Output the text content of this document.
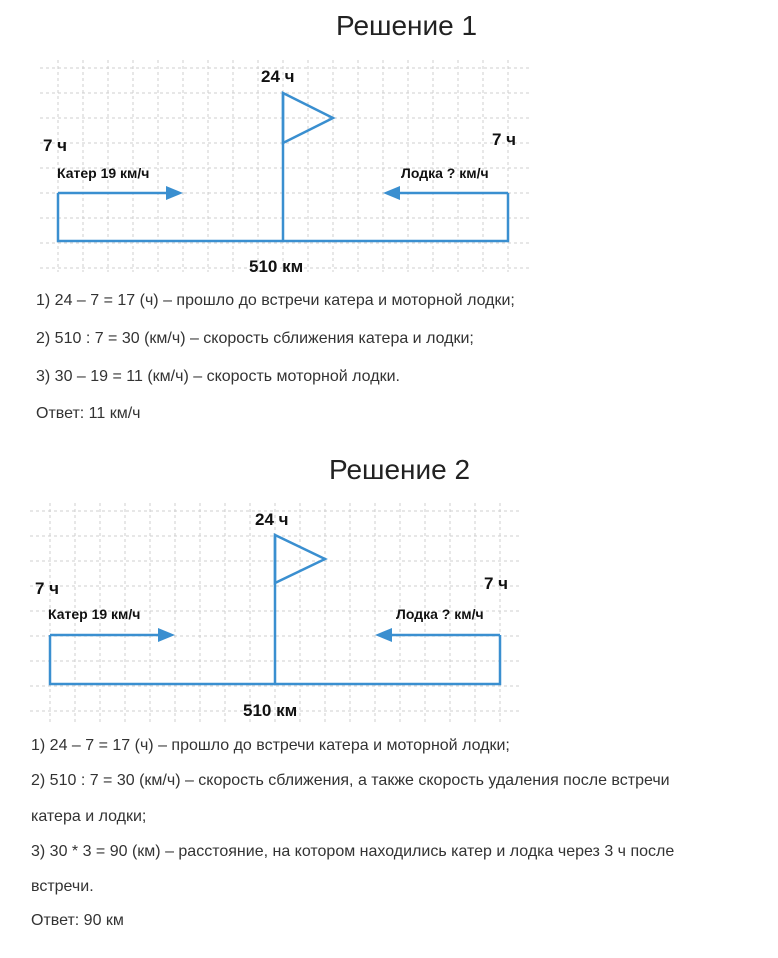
Решение 1
24 ч
7 ч	7 ч
Катер 19 км/ч	Лодка ? км/ч
510 км
1) 24 – 7 = 17 (ч) – прошло до встречи катера и моторной лодки;
2) 510 : 7 = 30 (км/ч) – скорость сближения катера и лодки;
3) 30 – 19 = 11 (км/ч) – скорость моторной лодки.
Ответ: 11 км/ч
Решение 2
24 ч
7 ч	7 ч
Катер 19 км/ч	Лодка ? км/ч
510 км
1) 24 – 7 = 17 (ч) – прошло до встречи катера и моторной лодки;
2) 510 : 7 = 30 (км/ч) – скорость сближения, а также скорость удаления после встречи
катера и лодки;
3) 30 * 3 = 90 (км) – расстояние, на котором находились катер и лодка через 3 ч после
встречи.
Ответ: 90 км
